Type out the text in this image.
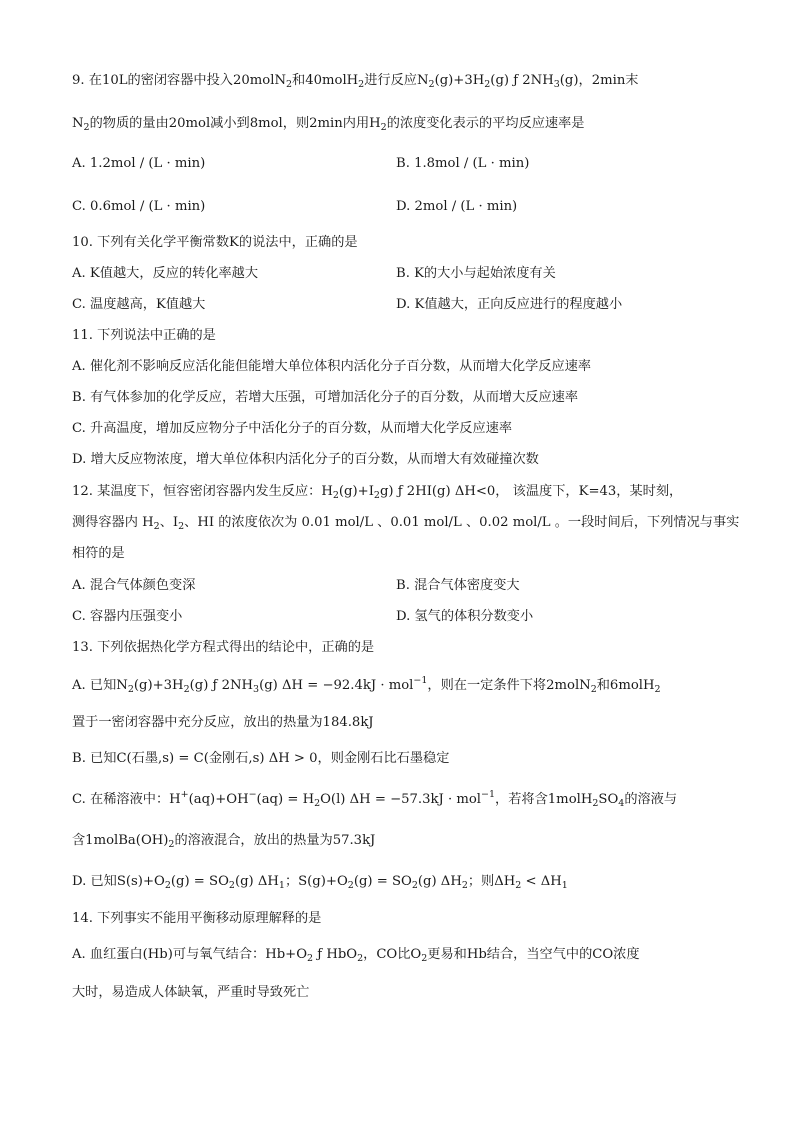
9. 在10L的密闭容器中投入20molN$_2$和40molH$_2$进行反应$N_2(g)+3H_2(g)$ ƒ $2NH_3(g)$，2min末
$N_2$的物质的量由20mol减小到8mol，则2min内用$H_2$的浓度变化表示的平均反应速率是
A. 1.2mol / (L · min)	B. 1.8mol / (L · min)
C. 0.6mol / (L · min)	D. 2mol / (L · min)
10. 下列有关化学平衡常数K的说法中，正确的是
A. K值越大，反应的转化率越大	B. K的大小与起始浓度有关
C. 温度越高，K值越大	D. K值越大，正向反应进行的程度越小
11. 下列说法中正确的是
A. 催化剂不影响反应活化能但能增大单位体积内活化分子百分数，从而增大化学反应速率
B. 有气体参加的化学反应，若增大压强，可增加活化分子的百分数，从而增大反应速率
C. 升高温度，增加反应物分子中活化分子的百分数，从而增大化学反应速率
D. 增大反应物浓度，增大单位体积内活化分子的百分数，从而增大有效碰撞次数
12. 某温度下，恒容密闭容器内发生反应：$H_2(g)+I_2g$) ƒ 2HI(g) ΔH<0， 该温度下，K=43，某时刻，
测得容器内 $H_2$、$I_2$、HI 的浓度依次为 0.01 mol/L 、0.01 mol/L 、0.02 mol/L 。一段时间后，下列情况与事实
相符的是
A. 混合气体颜色变深	B. 混合气体密度变大
C. 容器内压强变小	D. 氢气的体积分数变小
13. 下列依据热化学方程式得出的结论中，正确的是
A. 已知$N_2(g)+3H_2(g)$ ƒ $2NH_3(g) \Delta H = -92.4kJ \cdot mol^{-1}$，则在一定条件下将2molN$_2$和6molH$_2$
置于一密闭容器中充分反应，放出的热量为184.8kJ
B. 已知C(石墨,s) = C(金刚石,s) ΔH > 0，则金刚石比石墨稳定
C. 在稀溶液中：$H^+(aq)+OH^-(aq) = H_2O(l) \Delta H = -57.3kJ \cdot mol^{-1}$，若将含$1molH_2SO_4$的溶液与
含$1molBa(OH)_2$的溶液混合，放出的热量为57.3kJ
D. 已知$S(s)+O_2(g) = SO_2(g)$ $\Delta H_1$；$S(g)+O_2(g) = SO_2(g)$ $\Delta H_2$；则$\Delta H_2 < \Delta H_1$
14. 下列事实不能用平衡移动原理解释的是
A. 血红蛋白(Hb)可与氧气结合：$Hb+O_2$ ƒ HbO$_2$，CO比$O_2$更易和Hb结合，当空气中的CO浓度
大时，易造成人体缺氧，严重时导致死亡
